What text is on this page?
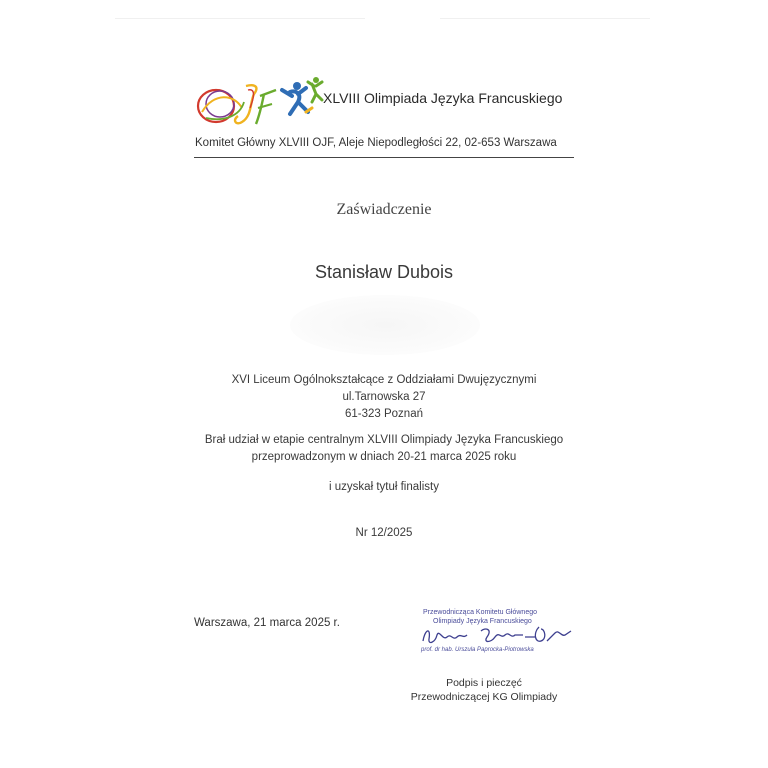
XLVIII Olimpiada Języka Francuskiego
Komitet Główny XLVIII OJF, Aleje Niepodległości 22, 02-653 Warszawa
Zaświadczenie
Stanisław Dubois
XVI Liceum Ogólnokształcące z Oddziałami Dwujęzycznymi
ul.Tarnowska 27
61-323 Poznań
Brał udział w etapie centralnym XLVIII Olimpiady Języka Francuskiego
przeprowadzonym w dniach 20-21 marca 2025 roku
i uzyskał tytuł finalisty
Nr 12/2025
Warszawa, 21 marca 2025 r.
Przewodnicząca Komitetu Głównego
Olimpiady Języka Francuskiego
prof. dr hab. Urszula Paprocka-Piotrowska
Podpis i pieczęć
Przewodniczącej KG Olimpiady
